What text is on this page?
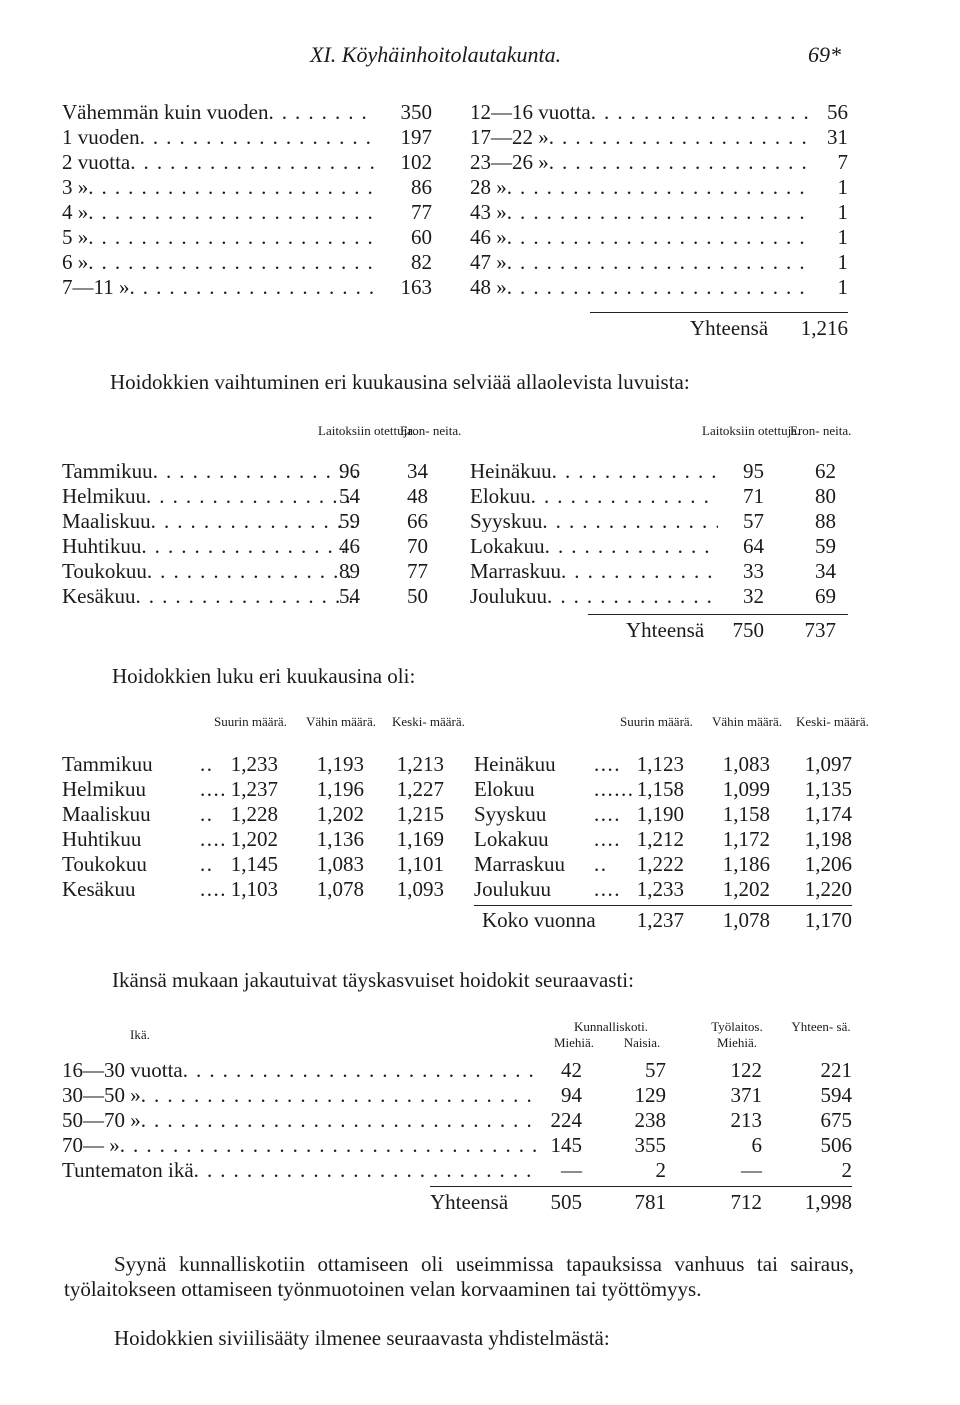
XI. Köyhäinhoitolautakunta.	69*
Vähemmän kuin vuoden . . .	350
1 vuoden . . .	197
2 vuotta . . .	102
3 » . . .	86
4 » . . .	77
5 » . . .	60
6 » . . .	82
7—11 » . . .	163
12—16 vuotta . . .	56
17—22 » . . .	31
23—26 » . . .	7
28 » . . .	1
43 » . . .	1
46 » . . .	1
47 » . . .	1
48 » . . .	1
Yhteensä	1,216
Hoidokkien vaihtuminen eri kuukausina selviää allaolevista luvuista:
Laitoksiin otettuja.
Eron- neita.	Laitoksiin otettuja.
Eron- neita.
Tammikuu . . .	96	34
Helmikuu . . .	54	48
Maaliskuu . . .	59	66
Huhtikuu . . .	46	70
Toukokuu . . .	89	77
Kesäkuu . . .	54	50
Heinäkuu . . .	95	62
Elokuu . . .	71	80
Syyskuu . . .	57	88
Lokakuu . . .	64	59
Marraskuu . . .	33	34
Joulukuu . . .	32	69
Yhteensä	750	737
Hoidokkien luku eri kuukausina oli:
Suurin määrä. Vähin määrä. Keski- määrä.	Suurin määrä. Vähin määrä. Keski- määrä.
Tammikuu .. 1,233	1,193	1,213
Helmikuu	.... 1,237	1,196	1,227
Maaliskuu .. 1,228	1,202	1,215
Huhtikuu	.... 1,202	1,136	1,169
Toukokuu	.. 1,145	1,083	1,101
Kesäkuu	.... 1,103	1,078	1,093
Heinäkuu .... 1,123	1,083	1,097
Elokuu	...... 1,158	1,099	1,135
Syyskuu .... 1,190	1,158	1,174
Lokakuu .... 1,212	1,172	1,198
Marraskuu ..	1,222	1,186	1,206
Joulukuu .... 1,233	1,202	1,220
Koko vuonna	1,237	1,078	1,170
Ikänsä mukaan jakautuivat täyskasvuiset hoidokit seuraavasti:
Ikä.
Kunnalliskoti.
Miehiä.	Naisia.
Työlaitos.
Miehiä.
Yhteen- sä.
16—30 vuotta . . .	42	57	122	221
30—50 » . . .	94	129	371	594
50—70 » . . .	224	238	213	675
70— » . . .	145	355	6	506
Tuntematon ikä . . .	—	2	—	2
Yhteensä	505	781	712	1,998
Syynä kunnalliskotiin ottamiseen oli useimmissa tapauksissa vanhuus tai sairaus, työlaitokseen ottamiseen työnmuotoinen velan korvaaminen tai työttömyys.
Hoidokkien siviilisääty ilmenee seuraavasta yhdistelmästä:
